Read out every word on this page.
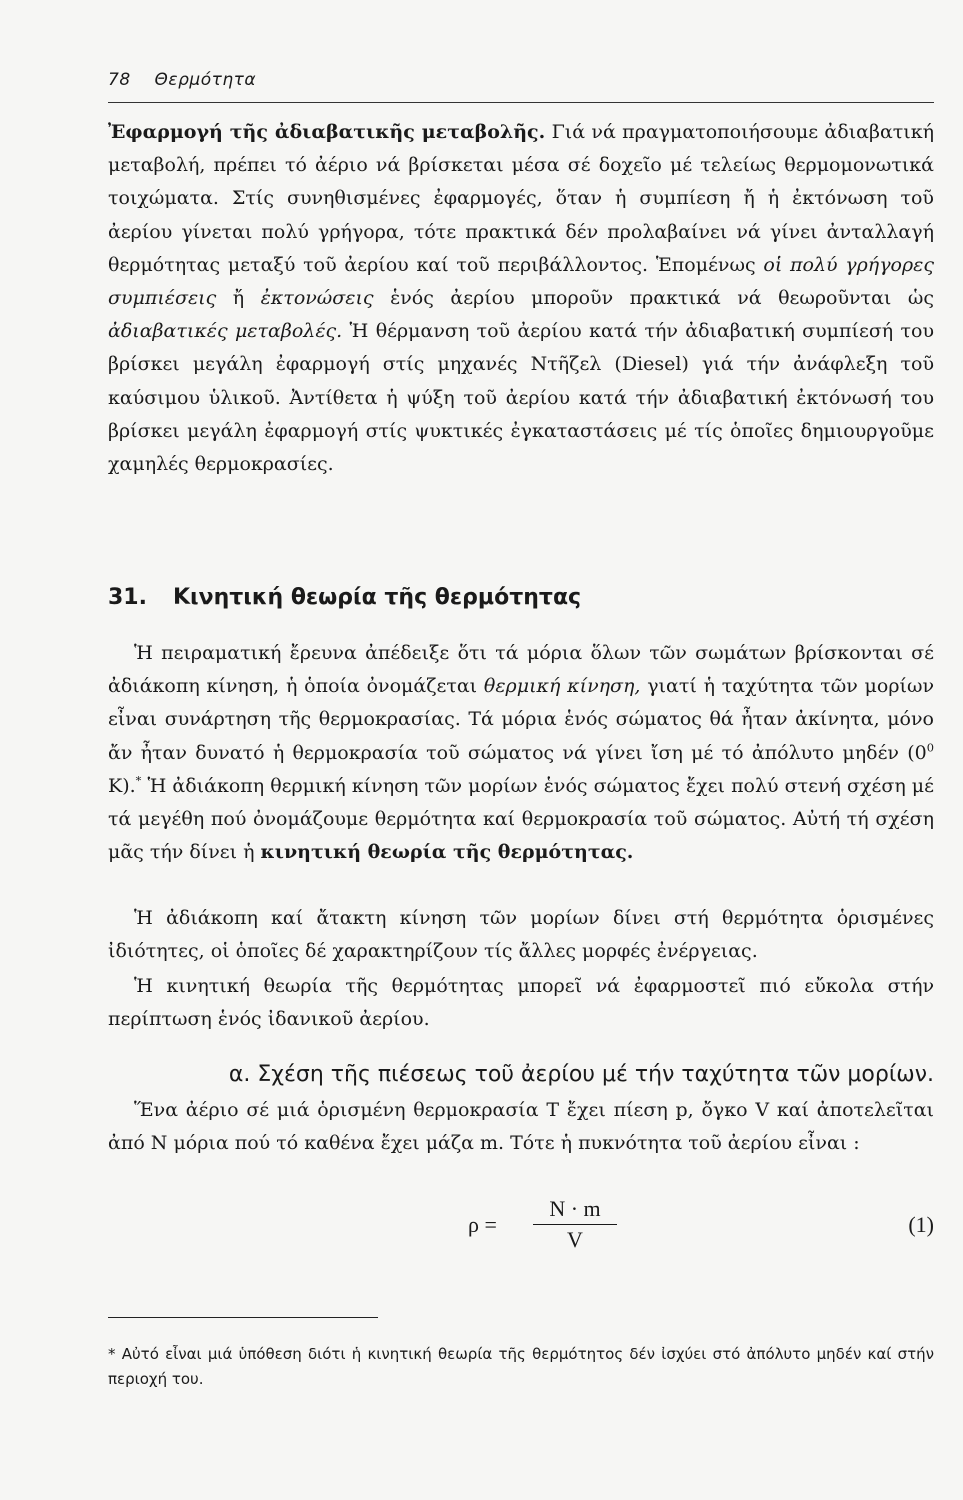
78 Θερμότητα
Ἐφαρμογή τῆς ἀδιαβατικῆς μεταβολῆς. Γιά νά πραγματοποιήσουμε ἀδιαβατική μεταβολή, πρέπει τό ἀέριο νά βρίσκεται μέσα σέ δοχεῖο μέ τελείως θερμομονωτικά τοιχώματα. Στίς συνηθισμένες ἐφαρμογές, ὅταν ἡ συμπίεση ἤ ἡ ἐκτόνωση τοῦ ἀερίου γίνεται πολύ γρήγορα, τότε πρακτικά δέν προλαβαίνει νά γίνει ἀνταλλαγή θερμότητας μεταξύ τοῦ ἀερίου καί τοῦ περιβάλλοντος. Ἑπομένως οἱ πολύ γρήγορες συμπιέσεις ἤ ἐκτονώσεις ἑνός ἀερίου μποροῦν πρακτικά νά θεωροῦνται ὡς ἀδιαβατικές μεταβολές. Ἡ θέρμανση τοῦ ἀερίου κατά τήν ἀδιαβατική συμπίεσή του βρίσκει μεγάλη ἐφαρμογή στίς μηχανές Ντῆζελ (Diesel) γιά τήν ἀνάφλεξη τοῦ καύσιμου ὑλικοῦ. Ἀντίθετα ἡ ψύξη τοῦ ἀερίου κατά τήν ἀδιαβατική ἐκτόνωσή του βρίσκει μεγάλη ἐφαρμογή στίς ψυκτικές ἐγκαταστάσεις μέ τίς ὁποῖες δημιουργοῦμε χαμηλές θερμοκρασίες.
31. Κινητική θεωρία τῆς θερμότητας
Ἡ πειραματική ἔρευνα ἀπέδειξε ὅτι τά μόρια ὅλων τῶν σωμάτων βρίσκονται σέ ἀδιάκοπη κίνηση, ἡ ὁποία ὀνομάζεται θερμική κίνηση, γιατί ἡ ταχύτητα τῶν μορίων εἶναι συνάρτηση τῆς θερμοκρασίας. Τά μόρια ἑνός σώματος θά ἦταν ἀκίνητα, μόνο ἄν ἦταν δυνατό ἡ θερμοκρασία τοῦ σώματος νά γίνει ἴση μέ τό ἀπόλυτο μηδέν ($0^0$ K).* Ἡ ἀδιάκοπη θερμική κίνηση τῶν μορίων ἑνός σώματος ἔχει πολύ στενή σχέση μέ τά μεγέθη πού ὀνομάζουμε θερμότητα καί θερμοκρασία τοῦ σώματος. Αὐτή τή σχέση μᾶς τήν δίνει ἡ κινητική θεωρία τῆς θερμότητας.
Ἡ ἀδιάκοπη καί ἄτακτη κίνηση τῶν μορίων δίνει στή θερμότητα ὁρισμένες ἰδιότητες, οἱ ὁποῖες δέ χαρακτηρίζουν τίς ἄλλες μορφές ἐνέργειας.
Ἡ κινητική θεωρία τῆς θερμότητας μπορεῖ νά ἐφαρμοστεῖ πιό εὔκολα στήν περίπτωση ἑνός ἰδανικοῦ ἀερίου.
α. Σχέση τῆς πιέσεως τοῦ ἀερίου μέ τήν ταχύτητα τῶν μορίων.
Ἕνα ἀέριο σέ μιά ὁρισμένη θερμοκρασία T ἔχει πίεση p, ὄγκο V καί ἀποτελεῖται ἀπό N μόρια πού τό καθένα ἔχει μάζα m. Τότε ἡ πυκνότητα τοῦ ἀερίου εἶναι :
ρ =
N · m
V
(1)
* Αὐτό εἶναι μιά ὑπόθεση διότι ἡ κινητική θεωρία τῆς θερμότητος δέν ἰσχύει στό ἀπόλυτο μηδέν καί στήν περιοχή του.
